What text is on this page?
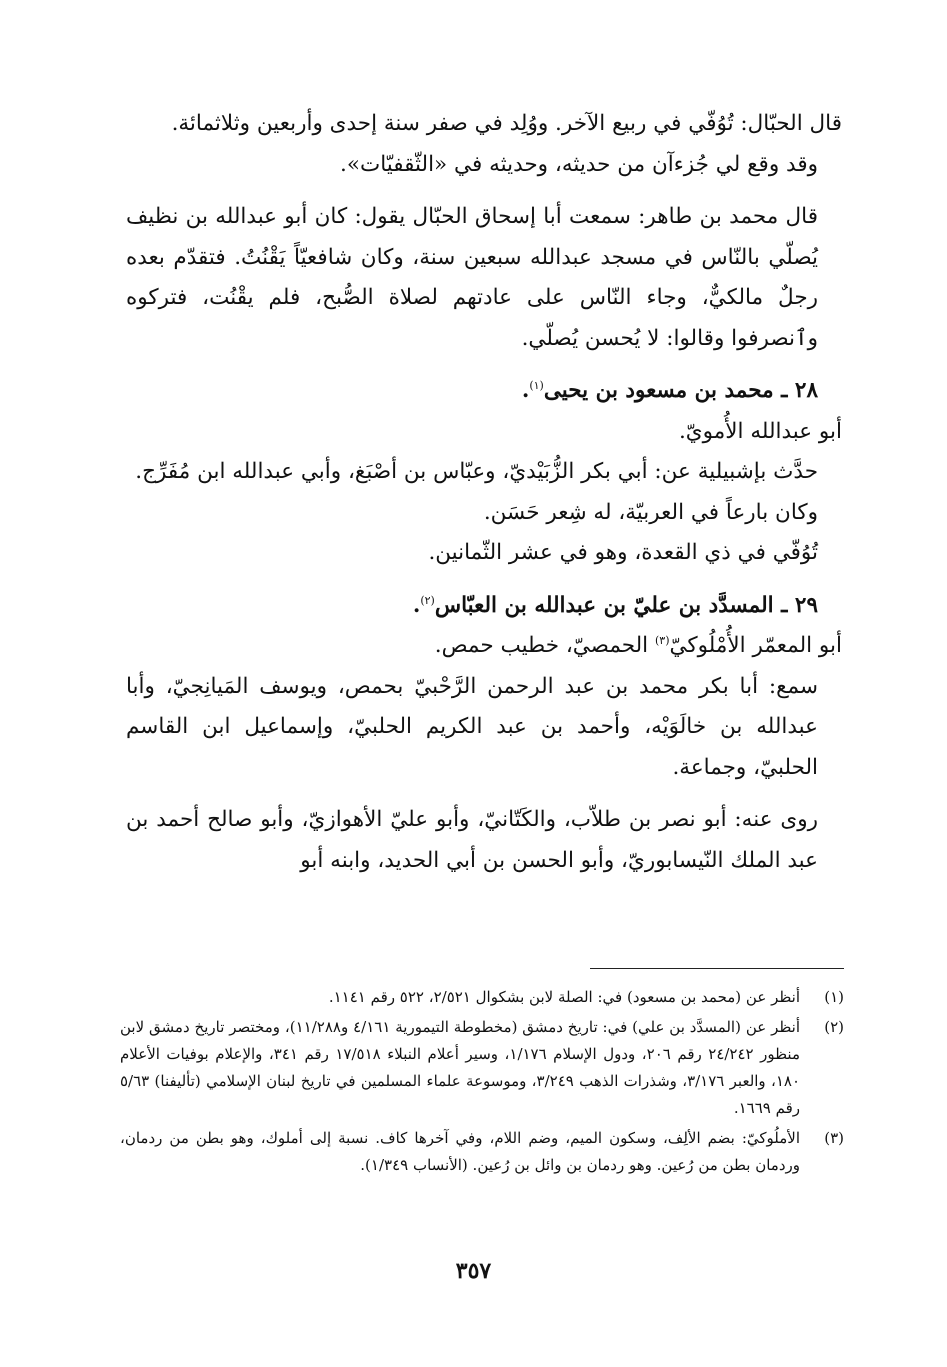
قال الحبّال: تُوُفّي في ربيع الآخر. ووُلِد في صفر سنة إحدى وأربعين وثلاثمائة.

وقد وقع لي جُزءآن من حديثه، وحديثه في «الثّقفيّات».

قال محمد بن طاهر: سمعت أبا إسحاق الحبّال يقول: كان أبو عبدالله بن نظيف يُصلّي بالنّاس في مسجد عبدالله سبعين سنة، وكان شافعيّاً يَقْنُتُ. فتقدّم بعده رجلٌ مالكيٌّ، وجاء النّاس على عادتهم لصلاة الصُّبح، فلم يقْنُت، فتركوه وٱنصرفوا وقالوا: لا يُحسن يُصلّي.

٢٨ ـ محمد بن مسعود بن يحيى$^{(١)}$.

أبو عبدالله الأُمويّ.

حدَّث بإشبيلية عن: أبي بكر الزُّبَيْديّ، وعبّاس بن أصْبَغ، وأبي عبدالله ابن مُفَرِّج.

وكان بارعاً في العربيّة، له شِعر حَسَن.

تُوُفّي في ذي القعدة، وهو في عشر الثّمانين.

٢٩ ـ المسدَّد بن عليّ بن عبدالله بن العبّاس$^{(٢)}$.

أبو المعمّر الأُمْلُوكيّ$^{(٣)}$ الحمصيّ، خطيب حمص.

سمع: أبا بكر محمد بن عبد الرحمن الرَّحْبيّ بحمص، ويوسف المَيانِجيّ، وأبا عبدالله بن خالَوَيْه، وأحمد بن عبد الكريم الحلبيّ، وإسماعيل ابن القاسم الحلبيّ، وجماعة.

روى عنه: أبو نصر بن طلاّب، والكَتّانيّ، وأبو عليّ الأهوازيّ، وأبو صالح أحمد بن عبد الملك النّيسابوريّ، وأبو الحسن بن أبي الحديد، وابنه أبو

(١)
أنظر عن (محمد بن مسعود) في: الصلة لابن بشكوال ٢/٥٢١، ٥٢٢ رقم ١١٤١.
(٢)
أنظر عن (المسدَّد بن علي) في: تاريخ دمشق (مخطوطة التيمورية ٤/١٦١ و١١/٢٨٨)، ومختصر تاريخ دمشق لابن منظور ٢٤/٢٤٢ رقم ٢٠٦، ودول الإسلام ١/١٧٦، وسير أعلام النبلاء ١٧/٥١٨ رقم ٣٤١، والإعلام بوفيات الأعلام ١٨٠، والعبر ٣/١٧٦، وشذرات الذهب ٣/٢٤٩، وموسوعة علماء المسلمين في تاريخ لبنان الإسلامي (تأليفنا) ٥/٦٣ رقم ١٦٦٩.
(٣)
الأملُوكيّ: بضم الألِف، وسكون الميم، وضم اللام، وفي آخرها كاف. نسبة إلى أملوك، وهو بطن من ردمان، وردمان بطن من رُعين. وهو ردمان بن وائل بن رُعين. (الأنساب ١/٣٤٩).
٣٥٧
